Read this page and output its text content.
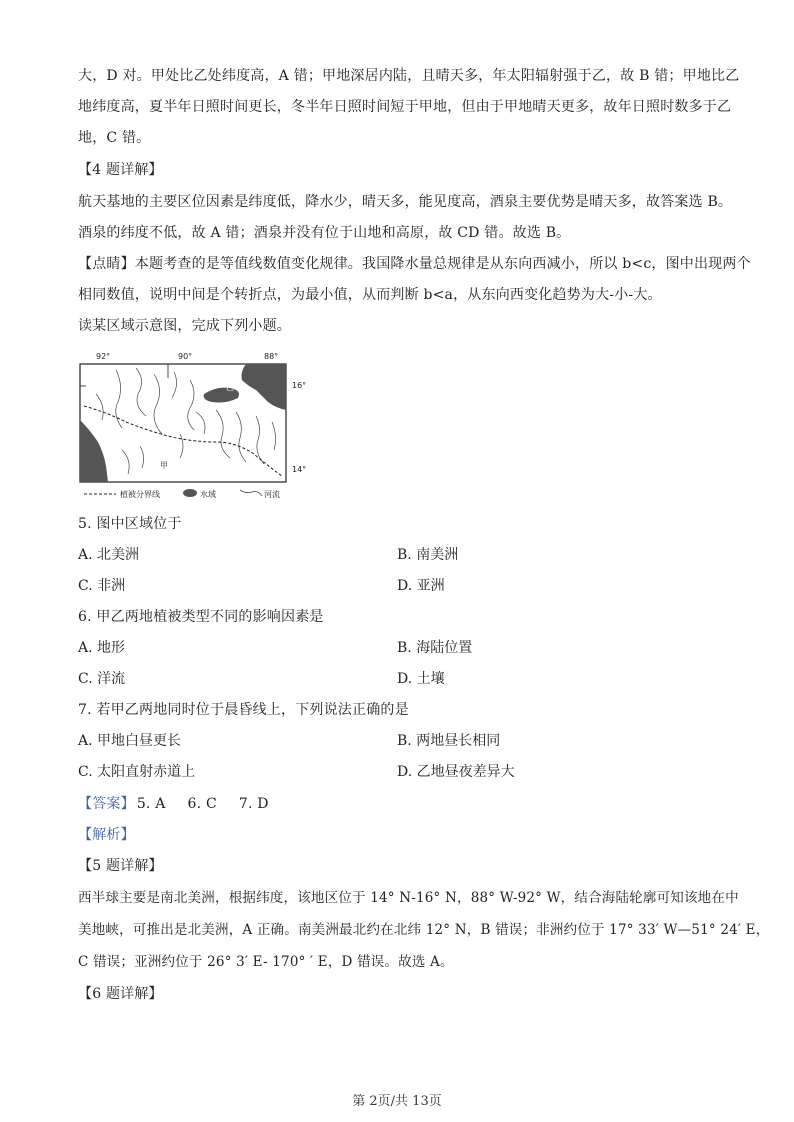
大，D 对。甲处比乙处纬度高，A 错；甲地深居内陆，且晴天多，年太阳辐射强于乙，故 B 错；甲地比乙
地纬度高，夏半年日照时间更长，冬半年日照时间短于甲地，但由于甲地晴天更多，故年日照时数多于乙
地，C 错。
【4 题详解】
航天基地的主要区位因素是纬度低，降水少，晴天多，能见度高，酒泉主要优势是晴天多，故答案选 B。
酒泉的纬度不低，故 A 错；酒泉并没有位于山地和高原，故 CD 错。故选 B。
【点睛】本题考查的是等值线数值变化规律。我国降水量总规律是从东向西减小，所以 b<c，图中出现两个
相同数值，说明中间是个转折点，为最小值，从而判断 b<a，从东向西变化趋势为大-小-大。
读某区域示意图，完成下列小题。
92°	90°	88°
16°
14°
乙
甲
植被分界线	水域	河流
5. 图中区域位于
A. 北美洲	B. 南美洲
C. 非洲	D. 亚洲
6. 甲乙两地植被类型不同的影响因素是
A. 地形	B. 海陆位置
C. 洋流	D. 土壤
7. 若甲乙两地同时位于晨昏线上，下列说法正确的是
A. 甲地白昼更长	B. 两地昼长相同
C. 太阳直射赤道上	D. 乙地昼夜差异大
【答案】 5. A 6. C 7. D
【解析】
【5 题详解】
西半球主要是南北美洲，根据纬度，该地区位于 14° N-16° N，88° W-92° W，结合海陆轮廓可知该地在中
美地峡，可推出是北美洲，A 正确。南美洲最北约在北纬 12° N，B 错误；非洲约位于 17° 33′ W—51° 24′ E，
C 错误；亚洲约位于 26° 3′ E- 170° ′ E，D 错误。故选 A。
【6 题详解】
第 2页/共 13页
